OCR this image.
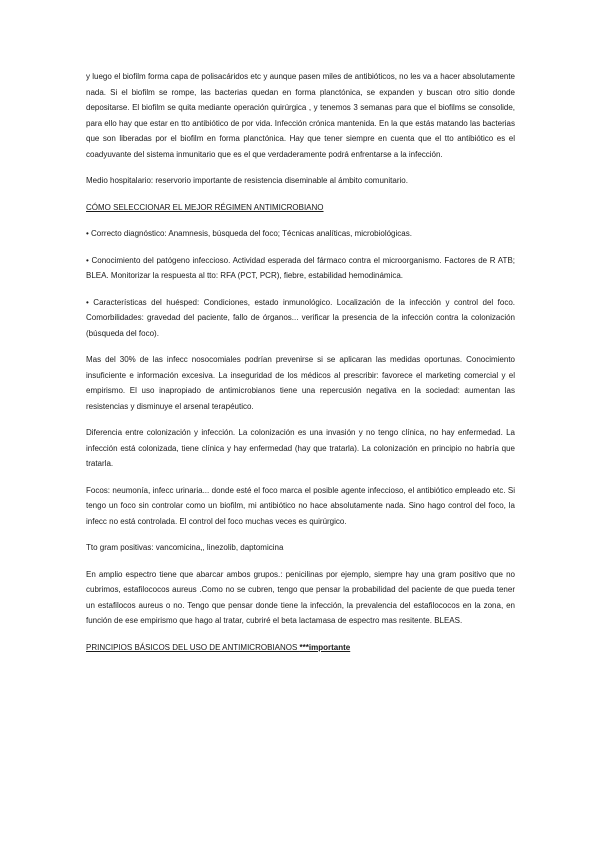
y luego el biofilm forma capa de polisacáridos etc y aunque pasen miles de antibióticos, no les va a hacer absolutamente nada. Si el biofilm se rompe, las bacterias quedan en forma planctónica, se expanden y buscan otro sitio donde depositarse. El biofilm se quita mediante operación quirúrgica , y tenemos 3 semanas para que el biofilms se consolide, para ello hay que estar en tto antibiótico de por vida. Infección crónica mantenida. En la que estás matando las bacterias que son liberadas por el biofilm en forma planctónica. Hay que tener siempre en cuenta que el tto antibiótico es el coadyuvante del sistema inmunitario que es el que verdaderamente podrá enfrentarse a la infección.

Medio hospitalario: reservorio importante de resistencia diseminable al ámbito comunitario.

CÓMO SELECCIONAR EL MEJOR RÉGIMEN ANTIMICROBIANO

• Correcto diagnóstico: Anamnesis, búsqueda del foco; Técnicas analíticas, microbiológicas.

• Conocimiento del patógeno infeccioso. Actividad esperada del fármaco contra el microorganismo. Factores de R ATB; BLEA. Monitorizar la respuesta al tto: RFA (PCT, PCR), fiebre, estabilidad hemodinámica.

• Características del huésped: Condiciones, estado inmunológico. Localización de la infección y control del foco. Comorbilidades: gravedad del paciente, fallo de órganos... verificar la presencia de la infección contra la colonización (búsqueda del foco).

Mas del 30% de las infecc nosocomiales podrían prevenirse si se aplicaran las medidas oportunas. Conocimiento insuficiente e información excesiva. La inseguridad de los médicos al prescribir: favorece el marketing comercial y el empirismo. El uso inapropiado de antimicrobianos tiene una repercusión negativa en la sociedad: aumentan las resistencias y disminuye el arsenal terapéutico.

Diferencia entre colonización y infección. La colonización es una invasión y no tengo clínica, no hay enfermedad. La infección está colonizada, tiene clínica y hay enfermedad (hay que tratarla). La colonización en principio no habría que tratarla.

Focos: neumonía, infecc urinaria... donde esté el foco marca el posible agente infeccioso, el antibiótico empleado etc. Si tengo un foco sin controlar como un biofilm, mi antibiótico no hace absolutamente nada. Sino hago control del foco, la infecc no está controlada. El control del foco muchas veces es quirúrgico.

Tto gram positivas: vancomicina,, linezolib, daptomicina

En amplio espectro tiene que abarcar ambos grupos.: penicilinas por ejemplo, siempre hay una gram positivo que no cubrimos, estafilococos aureus .Como no se cubren, tengo que pensar la probabilidad del paciente de que pueda tener un estafilocos aureus o no. Tengo que pensar donde tiene la infección, la prevalencia del estafilococos en la zona, en función de ese empirismo que hago al tratar, cubriré el beta lactamasa de espectro mas resitente. BLEAS.

PRINCIPIOS BÁSICOS DEL USO DE ANTIMICROBIANOS ***importante
